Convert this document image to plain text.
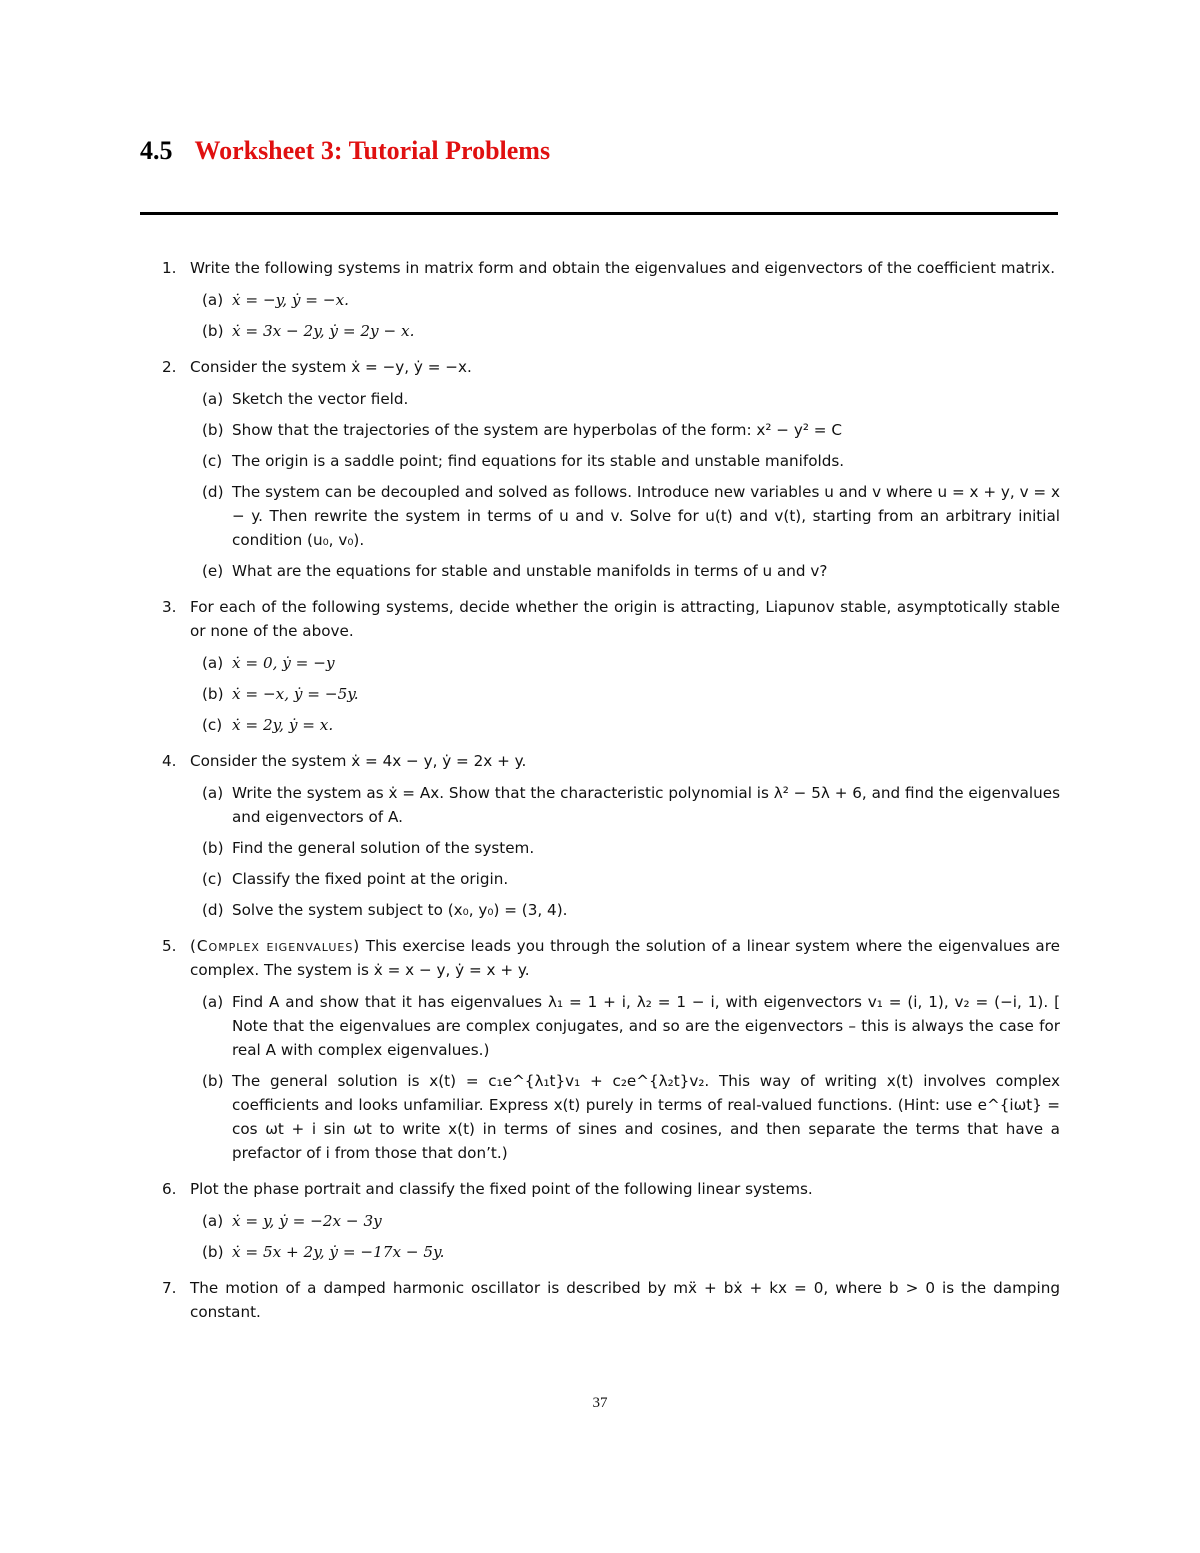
4.5 Worksheet 3: Tutorial Problems
1. Write the following systems in matrix form and obtain the eigenvalues and eigenvectors of the coefficient matrix.
(a) ẋ = −y, ẏ = −x.
(b) ẋ = 3x − 2y, ẏ = 2y − x.
2. Consider the system ẋ = −y, ẏ = −x.
(a) Sketch the vector field.
(b) Show that the trajectories of the system are hyperbolas of the form: x² − y² = C
(c) The origin is a saddle point; find equations for its stable and unstable manifolds.
(d) The system can be decoupled and solved as follows. Introduce new variables u and v where u = x + y, v = x − y. Then rewrite the system in terms of u and v. Solve for u(t) and v(t), starting from an arbitrary initial condition (u₀, v₀).
(e) What are the equations for stable and unstable manifolds in terms of u and v?
3. For each of the following systems, decide whether the origin is attracting, Liapunov stable, asymptotically stable or none of the above.
(a) ẋ = 0, ẏ = −y
(b) ẋ = −x, ẏ = −5y.
(c) ẋ = 2y, ẏ = x.
4. Consider the system ẋ = 4x − y, ẏ = 2x + y.
(a) Write the system as ẋ = Ax. Show that the characteristic polynomial is λ² − 5λ + 6, and find the eigenvalues and eigenvectors of A.
(b) Find the general solution of the system.
(c) Classify the fixed point at the origin.
(d) Solve the system subject to (x₀, y₀) = (3, 4).
5. (Complex eigenvalues) This exercise leads you through the solution of a linear system where the eigenvalues are complex. The system is ẋ = x − y, ẏ = x + y.
(a) Find A and show that it has eigenvalues λ₁ = 1 + i, λ₂ = 1 − i, with eigenvectors v₁ = (i, 1), v₂ = (−i, 1). [ Note that the eigenvalues are complex conjugates, and so are the eigenvectors – this is always the case for real A with complex eigenvalues.)
(b) The general solution is x(t) = c₁e^{λ₁t}v₁ + c₂e^{λ₂t}v₂. This way of writing x(t) involves complex coefficients and looks unfamiliar. Express x(t) purely in terms of real-valued functions. (Hint: use e^{iωt} = cos ωt + i sin ωt to write x(t) in terms of sines and cosines, and then separate the terms that have a prefactor of i from those that don’t.)
6. Plot the phase portrait and classify the fixed point of the following linear systems.
(a) ẋ = y, ẏ = −2x − 3y
(b) ẋ = 5x + 2y, ẏ = −17x − 5y.
7. The motion of a damped harmonic oscillator is described by mẍ + bẋ + kx = 0, where b > 0 is the damping constant.
37
